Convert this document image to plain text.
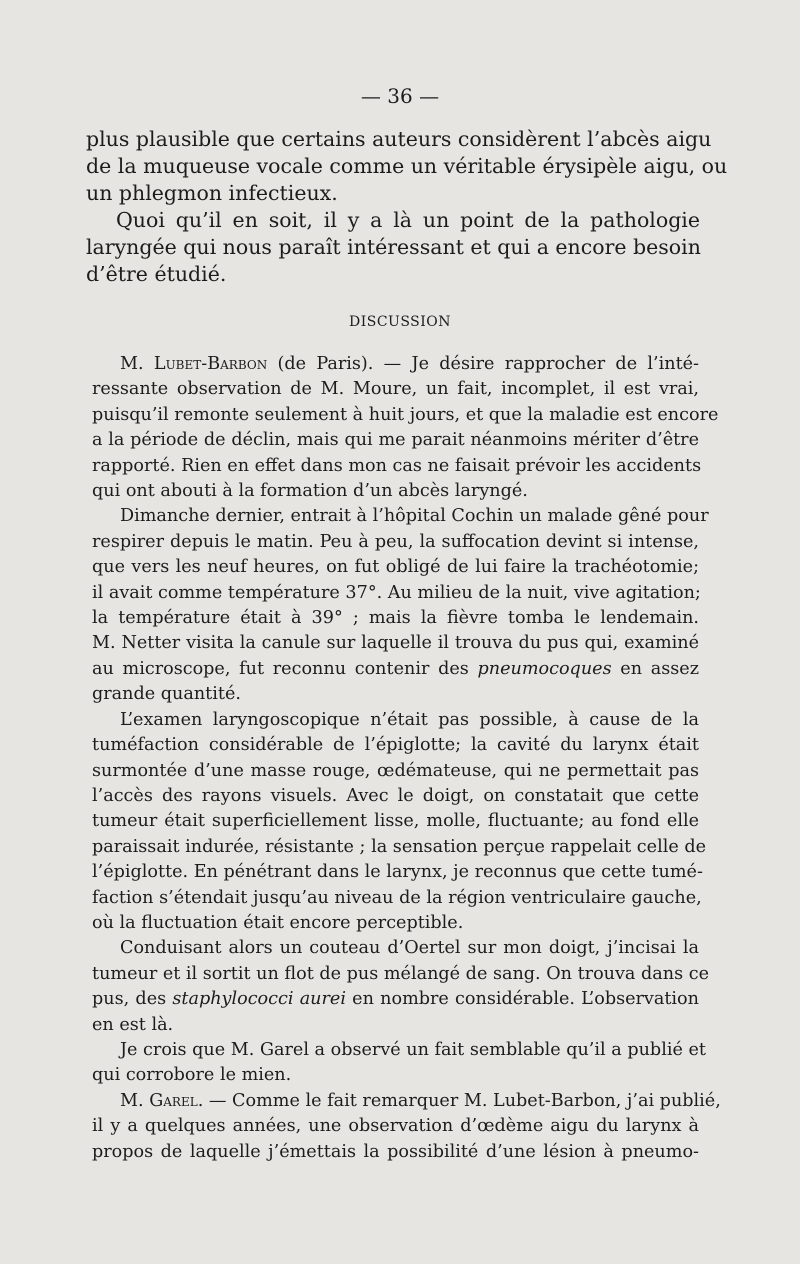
— 36 —
plus plausible que certains auteurs considèrent l’abcès aigu
de la muqueuse vocale comme un véritable érysipèle aigu, ou
un phlegmon infectieux.
Quoi qu’il en soit, il y a là un point de la pathologie
laryngée qui nous paraît intéressant et qui a encore besoin
d’être étudié.
DISCUSSION
M. Lubet-Barbon (de Paris). — Je désire rapprocher de l’inté-
ressante observation de M. Moure, un fait, incomplet, il est vrai,
puisqu’il remonte seulement à huit jours, et que la maladie est encore
a la période de déclin, mais qui me parait néanmoins mériter d’être
rapporté. Rien en effet dans mon cas ne faisait prévoir les accidents
qui ont abouti à la formation d’un abcès laryngé.
Dimanche dernier, entrait à l’hôpital Cochin un malade gêné pour
respirer depuis le matin. Peu à peu, la suffocation devint si intense,
que vers les neuf heures, on fut obligé de lui faire la trachéotomie;
il avait comme température 37°. Au milieu de la nuit, vive agitation;
la température était à 39° ; mais la fièvre tomba le lendemain.
M. Netter visita la canule sur laquelle il trouva du pus qui, examiné
au microscope, fut reconnu contenir des pneumocoques en assez
grande quantité.
L’examen laryngoscopique n’était pas possible, à cause de la
tuméfaction considérable de l’épiglotte; la cavité du larynx était
surmontée d’une masse rouge, œdémateuse, qui ne permettait pas
l’accès des rayons visuels. Avec le doigt, on constatait que cette
tumeur était superficiellement lisse, molle, fluctuante; au fond elle
paraissait indurée, résistante ; la sensation perçue rappelait celle de
l’épiglotte. En pénétrant dans le larynx, je reconnus que cette tumé-
faction s’étendait jusqu’au niveau de la région ventriculaire gauche,
où la fluctuation était encore perceptible.
Conduisant alors un couteau d’Oertel sur mon doigt, j’incisai la
tumeur et il sortit un flot de pus mélangé de sang. On trouva dans ce
pus, des staphylococci aurei en nombre considérable. L’observation
en est là.
Je crois que M. Garel a observé un fait semblable qu’il a publié et
qui corrobore le mien.
M. Garel. — Comme le fait remarquer M. Lubet-Barbon, j’ai publié,
il y a quelques années, une observation d’œdème aigu du larynx à
propos de laquelle j’émettais la possibilité d’une lésion à pneumo-
